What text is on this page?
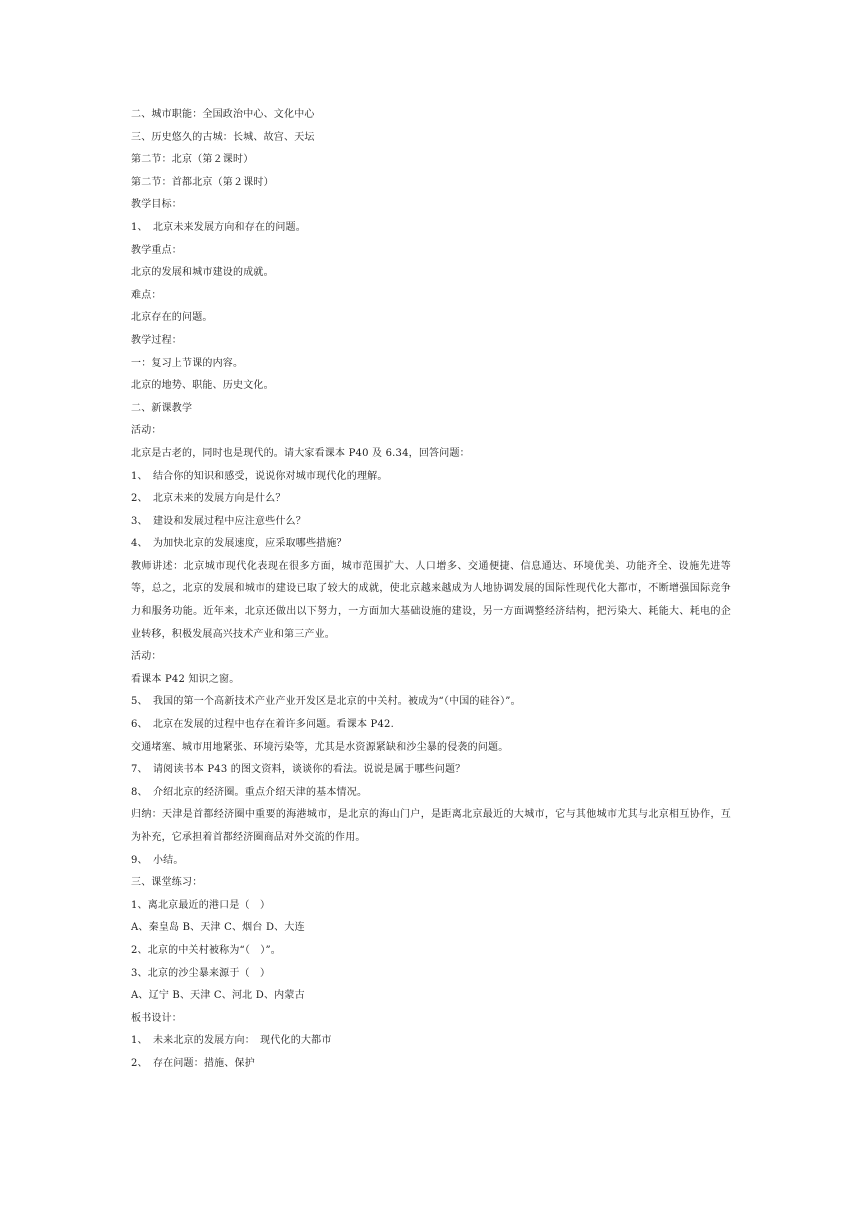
二、城市职能：全国政治中心、文化中心
三、历史悠久的古城：长城、故宫、天坛
第二节：北京（第２课时）
第二节：首都北京（第２课时）
教学目标：
1、　北京未来发展方向和存在的问题。
教学重点：
北京的发展和城市建设的成就。
难点：
北京存在的问题。
教学过程：
一：复习上节课的内容。
北京的地势、职能、历史文化。
二、新课教学
活动：
北京是古老的，同时也是现代的。请大家看课本 P40 及 6.34，回答问题：
1、　结合你的知识和感受，说说你对城市现代化的理解。
2、　北京未来的发展方向是什么？
3、　建设和发展过程中应注意些什么？
4、　为加快北京的发展速度，应采取哪些措施？
教师讲述：北京城市现代化表现在很多方面，城市范围扩大、人口增多、交通便捷、信息通达、环境优美、功能齐全、设施先进等等，总之，北京的发展和城市的建设已取了较大的成就，使北京越来越成为人地协调发展的国际性现代化大都市，不断增强国际竞争力和服务功能。近年来，北京还做出以下努力，一方面加大基础设施的建设，另一方面调整经济结构，把污染大、耗能大、耗电的企业转移，积极发展高兴技术产业和第三产业。
活动：
看课本 P42 知识之窗。
5、　我国的第一个高新技术产业产业开发区是北京的中关村。被成为“（中国的硅谷）”。
6、　北京在发展的过程中也存在着许多问题。看课本 P42.
交通堵塞、城市用地紧张、环境污染等，尤其是水资源紧缺和沙尘暴的侵袭的问题。
7、　请阅读书本 P43 的图文资料，谈谈你的看法。说说是属于哪些问题？
8、　介绍北京的经济圈。重点介绍天津的基本情况。
归纳：天津是首都经济圈中重要的海港城市，是北京的海山门户，是距离北京最近的大城市，它与其他城市尤其与北京相互协作，互为补充，它承担着首都经济圈商品对外交流的作用。
9、　小结。
三、课堂练习：
1、离北京最近的港口是（　）
A、秦皇岛 B、天津 C、烟台 D、大连
2、北京的中关村被称为“（　）”。
3、北京的沙尘暴来源于（　）
A、辽宁 B、天津 C、河北 D、内蒙古
板书设计：
1、　未来北京的发展方向：　现代化的大都市
2、　存在问题：措施、保护
